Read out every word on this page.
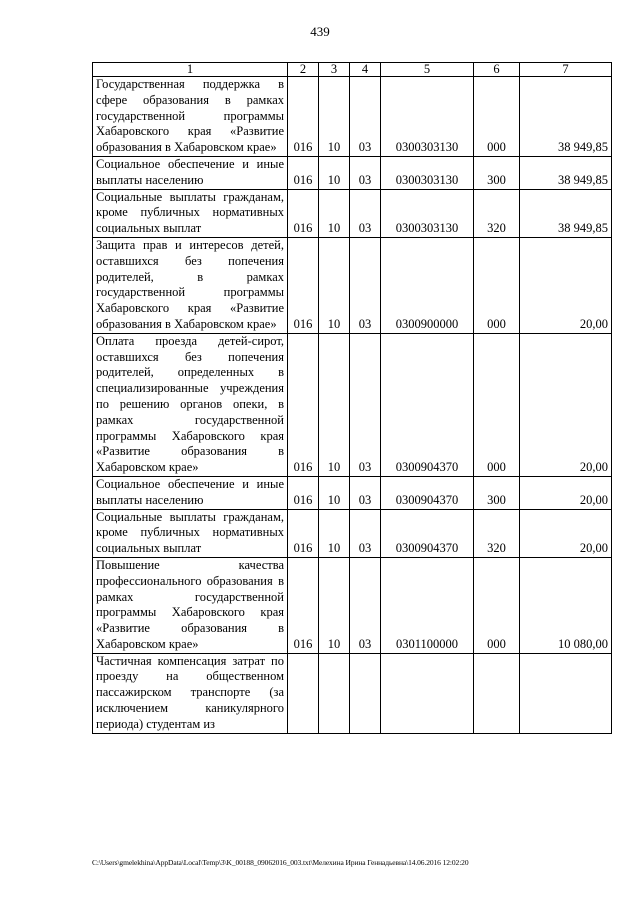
439
1	2	3	4	5	6	7
Государственная поддержка в сфере образования в рамках государственной программы Хабаровского края «Развитие образования в Хабаровском крае»	016	10	03	0300303130	000	38 949,85
Социальное обеспечение и иные выплаты населению	016	10	03	0300303130	300	38 949,85
Социальные выплаты гражданам, кроме публичных нормативных социальных выплат	016	10	03	0300303130	320	38 949,85
Защита прав и интересов детей, оставшихся без попечения родителей, в рамках государственной программы Хабаровского края «Развитие образования в Хабаровском крае»	016	10	03	0300900000	000	20,00
Оплата проезда детей-сирот, оставшихся без попечения родителей, определенных в специализированные учреждения по решению органов опеки, в рамках государственной программы Хабаровского края «Развитие образования в Хабаровском крае»	016	10	03	0300904370	000	20,00
Социальное обеспечение и иные выплаты населению	016	10	03	0300904370	300	20,00
Социальные выплаты гражданам, кроме публичных нормативных социальных выплат	016	10	03	0300904370	320	20,00
Повышение качества профессионального образования в рамках государственной программы Хабаровского края «Развитие образования в Хабаровском крае»	016	10	03	0301100000	000	10 080,00
Частичная компенсация затрат по проезду на общественном пассажирском транспорте (за исключением каникулярного периода) студентам из						
C:\Users\gmelekhina\AppData\Local\Temp\3\K_00188_09062016_003.txt\Мелехина Ирина Геннадьевна\14.06.2016 12:02:20
